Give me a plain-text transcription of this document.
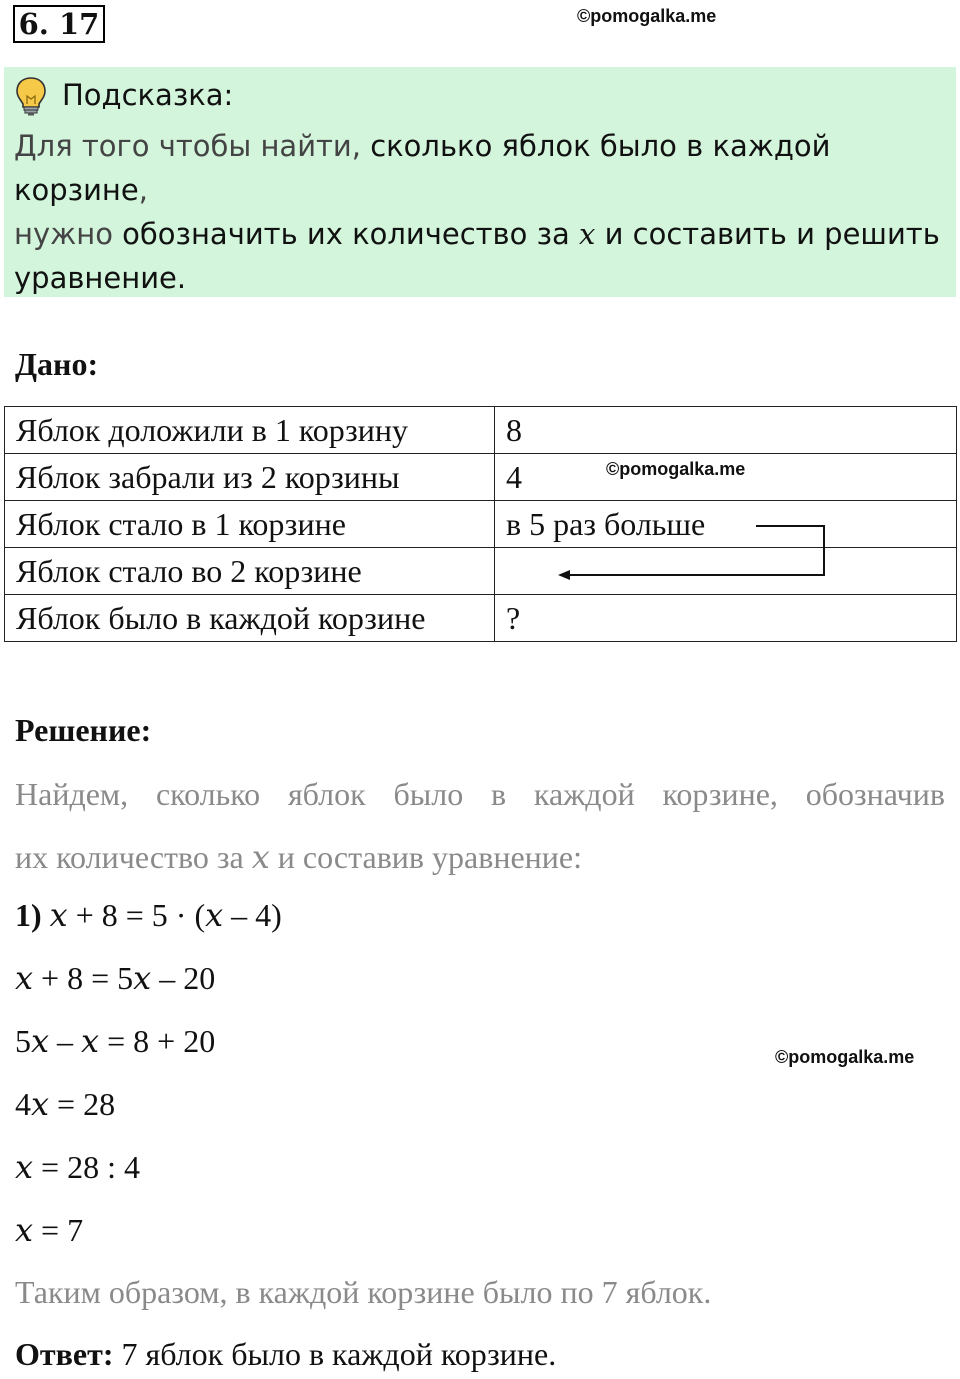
6. 17	©pomogalka.me
Подсказка:
Для того чтобы найти, сколько яблок было в каждой корзине,
нужно обозначить их количество за x и составить и решить
уравнение.
Дано:
Яблок доложили в 1 корзину	8
Яблок забрали из 2 корзины	4
Яблок стало в 1 корзине	в 5 раз больше
Яблок стало во 2 корзине	
Яблок было в каждой корзине	?
©pomogalka.me
Решение:
Найдем, сколько яблок было в каждой корзине, обозначив
их количество за x и составив уравнение:
1) x + 8 = 5 · (x – 4)
x + 8 = 5x – 20
5x – x = 8 + 20	©pomogalka.me
4x = 28
x = 28 : 4
x = 7
Таким образом, в каждой корзине было по 7 яблок.
Ответ: 7 яблок было в каждой корзине.
